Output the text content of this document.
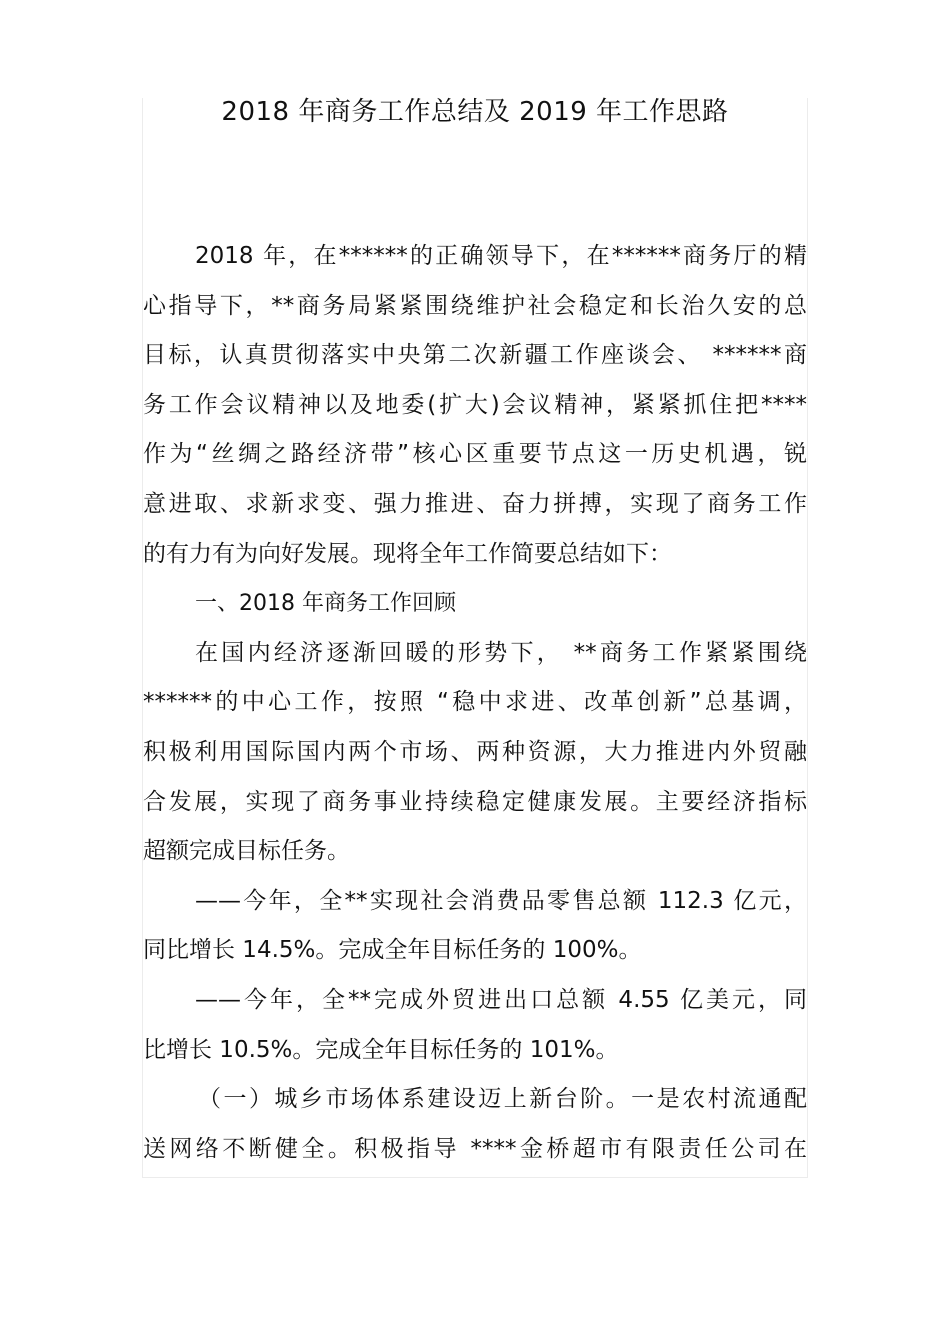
2018 年商务工作总结及 2019 年工作思路
2018 年，在******的正确领导下，在******商务厅的精
心指导下，**商务局紧紧围绕维护社会稳定和长治久安的总
目标，认真贯彻落实中央第二次新疆工作座谈会、 ******商
务工作会议精神以及地委(扩大)会议精神，紧紧抓住把****
作为“丝绸之路经济带”核心区重要节点这一历史机遇，锐
意进取、求新求变、强力推进、奋力拼搏，实现了商务工作
的有力有为向好发展。现将全年工作简要总结如下：
一、2018 年商务工作回顾
在国内经济逐渐回暖的形势下， **商务工作紧紧围绕
******的中心工作，按照 “稳中求进、改革创新”总基调，
积极利用国际国内两个市场、两种资源，大力推进内外贸融
合发展，实现了商务事业持续稳定健康发展。主要经济指标
超额完成目标任务。
——今年，全**实现社会消费品零售总额 112.3 亿元，
同比增长 14.5%。完成全年目标任务的 100%。
——今年，全**完成外贸进出口总额 4.55 亿美元，同
比增长 10.5%。完成全年目标任务的 101%。
（一）城乡市场体系建设迈上新台阶。一是农村流通配
送网络不断健全。积极指导 ****金桥超市有限责任公司在
